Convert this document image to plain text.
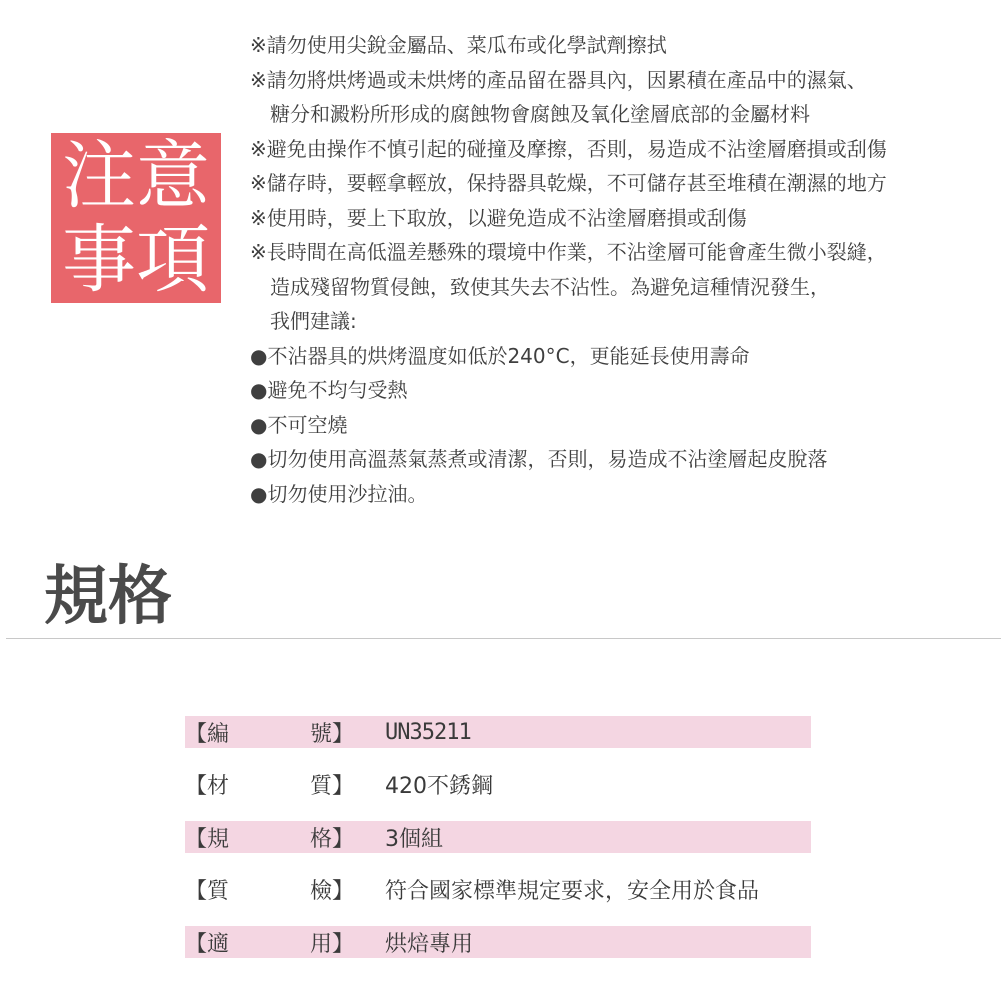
注意
事項
※請勿使用尖銳金屬品、菜瓜布或化學試劑擦拭
※請勿將烘烤過或未烘烤的產品留在器具內，因累積在產品中的濕氣、
糖分和澱粉所形成的腐蝕物會腐蝕及氧化塗層底部的金屬材料
※避免由操作不慎引起的碰撞及摩擦，否則，易造成不沾塗層磨損或刮傷
※儲存時，要輕拿輕放，保持器具乾燥，不可儲存甚至堆積在潮濕的地方
※使用時，要上下取放，以避免造成不沾塗層磨損或刮傷
※長時間在高低溫差懸殊的環境中作業，不沾塗層可能會產生微小裂縫，
造成殘留物質侵蝕，致使其失去不沾性。為避免這種情況發生，
我們建議:
●不沾器具的烘烤溫度如低於240°C，更能延長使用壽命
●避免不均勻受熱
●不可空燒
●切勿使用高溫蒸氣蒸煮或清潔，否則，易造成不沾塗層起皮脫落
●切勿使用沙拉油。
規格
【編	號】 UN35211
【材	質】 420不銹鋼
【規	格】 3個組
【質	檢】 符合國家標準規定要求，安全用於食品
【適	用】 烘焙專用
